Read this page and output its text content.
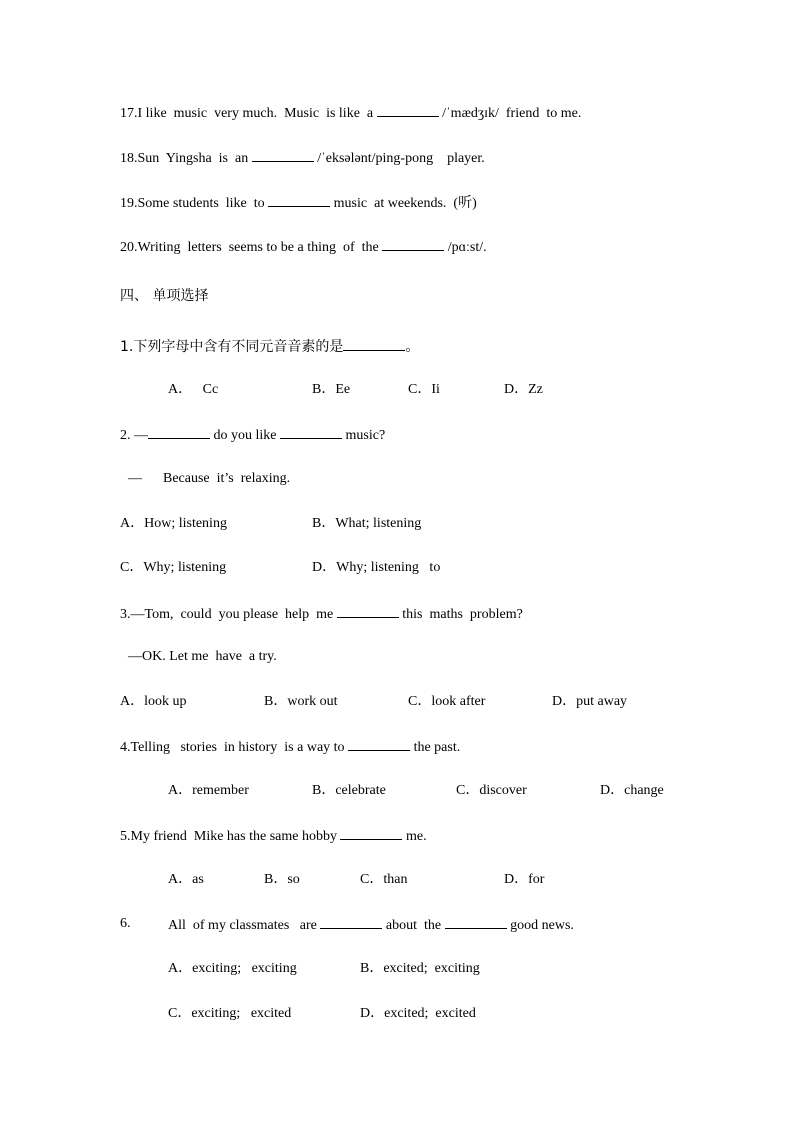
17.I like  music  very much.  Music  is like  a	/ˈmædʒɪk/  friend  to me.
18.Sun  Yingsha  is  an	/ˈeksələnt/ping-pong    player.
19.Some students  like  to	music  at weekends.  (听)
20.Writing  letters  seems to be a thing  of  the	/pɑːst/.
四、 单项选择
1.下列字母中含有不同元音音素的是	。
A．   Cc	B．Ee	C．Ii	D．Zz
2. —	do you like	music?
—      Because  it’s  relaxing.
A．How; listening	B．What; listening
C．Why; listening	D．Why; listening   to
3.—Tom,  could  you please  help  me	this  maths  problem?
—OK. Let me  have  a try.
A．look up	B．work out	C．look after	D．put away
4.Telling   stories  in history  is a way to	the past.
A．remember	B．celebrate	C．discover	D．change
5.My friend  Mike has the same hobby	me.
A．as	B．so	C．than	D．for
6.	All  of my classmates   are	about  the	good news.
A．exciting;   exciting	B．excited;  exciting
C．exciting;   excited	D．excited;  excited
